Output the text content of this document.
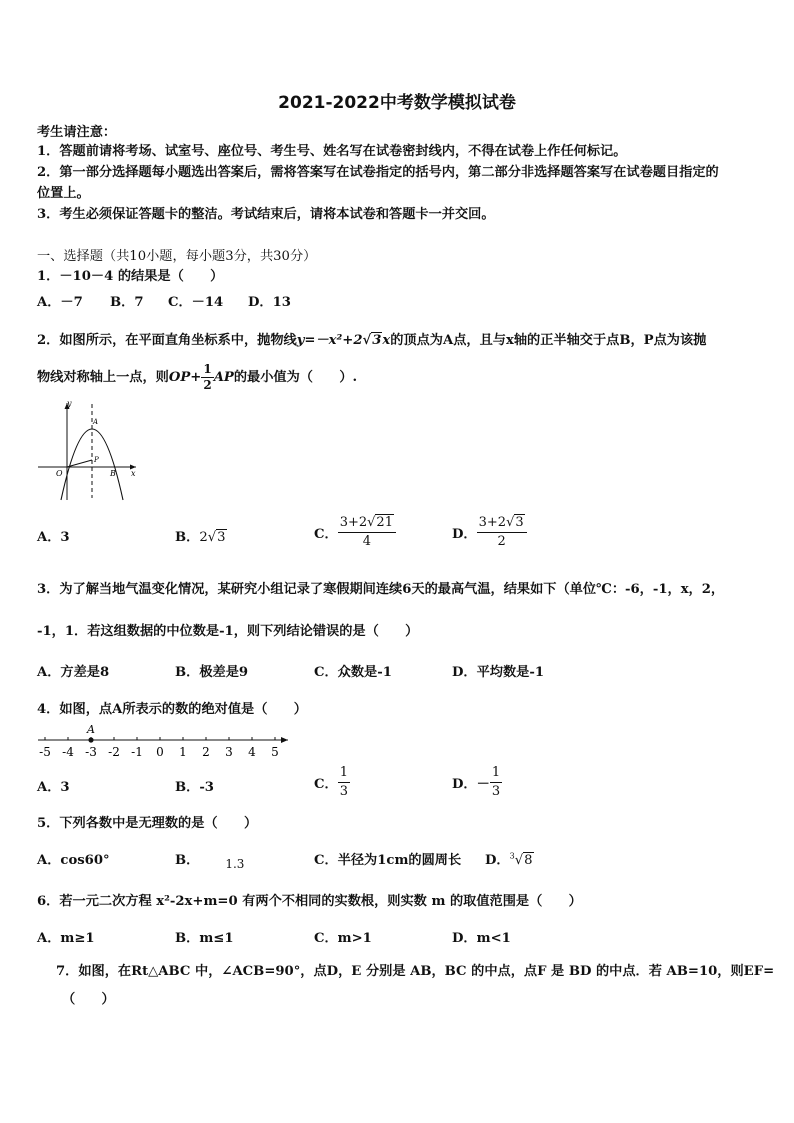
2021-2022中考数学模拟试卷
考生请注意：
1．答题前请将考场、试室号、座位号、考生号、姓名写在试卷密封线内，不得在试卷上作任何标记。
2．第一部分选择题每小题选出答案后，需将答案写在试卷指定的括号内，第二部分非选择题答案写在试卷题目指定的
位置上。
3．考生必须保证答题卡的整洁。考试结束后，请将本试卷和答题卡一并交回。
一、选择题（共10小题，每小题3分，共30分）
1．－10－4 的结果是（　　）
A．－7 B．7 C．－14 D．13
2．如图所示，在平面直角坐标系中，抛物线y=－x²+2√3x的顶点为A点，且与x轴的正半轴交于点B，P点为该抛
物线对称轴上一点，则$OP+ \frac{1}{2}$ AP的最小值为（　　）.
y
x
O
A
B
P
A．3	B．2√3	C． $\frac{3+2√21}{4}$	D． $\frac{3+2√3}{2}$
3．为了解当地气温变化情况，某研究小组记录了寒假期间连续6天的最高气温，结果如下（单位℃：-6，-1，x，2，
-1，1．若这组数据的中位数是-1，则下列结论错误的是（　　）
A．方差是8	B．极差是9	C．众数是-1	D．平均数是-1
4．如图，点A所表示的数的绝对值是（　　）
-5 -4 -3 -2 -1 0 1 2 3 4 5
A
A．3	B．-3	C． $\frac{1}{3}$	D．－ $\frac{1}{3}$
5．下列各数中是无理数的是（　　）
A．cos60°	B． 1.3	C．半径为1cm的圆周长 D．$^3$√8
6．若一元二次方程 x²-2x+m=0 有两个不相同的实数根，则实数 m 的取值范围是（　　）
A．m≥1	B．m≤1	C．m>1	D．m<1
7．如图，在Rt△ABC 中，∠ACB=90°，点D，E 分别是 AB，BC 的中点，点F 是 BD 的中点．若 AB=10，则EF=
（　　）
